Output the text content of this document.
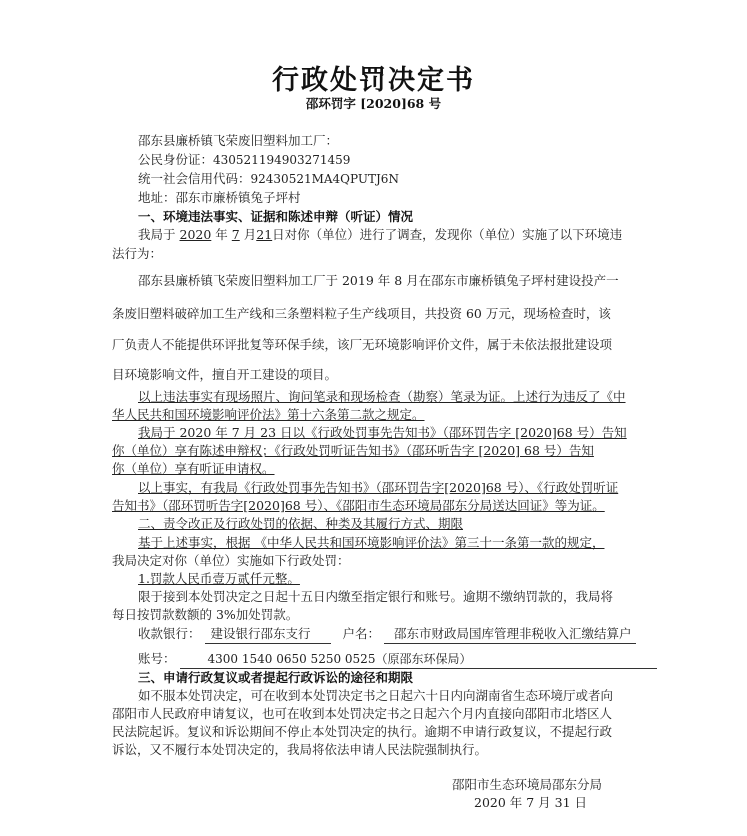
行政处罚决定书
邵环罚字 [2020]68 号
邵东县廉桥镇飞荣废旧塑料加工厂：
公民身份证：430521194903271459
统一社会信用代码：92430521MA4QPUTJ6N
地址：邵东市廉桥镇兔子坪村
一、环境违法事实、证据和陈述申辩（听证）情况
我局于 2020 年 7 月21日对你（单位）进行了调查，发现你（单位）实施了以下环境违
法行为：
邵东县廉桥镇飞荣废旧塑料加工厂于 2019 年 8 月在邵东市廉桥镇兔子坪村建设投产一
条废旧塑料破碎加工生产线和三条塑料粒子生产线项目，共投资 60 万元，现场检查时，该
厂负责人不能提供环评批复等环保手续，该厂无环境影响评价文件，属于未依法报批建设项
目环境影响文件，擅自开工建设的项目。
以上违法事实有现场照片、询问笔录和现场检查（勘察）笔录为证。上述行为违反了《中
华人民共和国环境影响评价法》第十六条第二款之规定。
我局于 2020 年 7 月 23 日以《行政处罚事先告知书》（邵环罚告字 [2020]68 号）告知
你（单位）享有陈述申辩权；《行政处罚听证告知书》（邵环听告字 [2020] 68 号）告知
你（单位）享有听证申请权。
以上事实，有我局《行政处罚事先告知书》（邵环罚告字[2020]68 号）、《行政处罚听证
告知书》（邵环罚听告字[2020]68 号）、《邵阳市生态环境局邵东分局送达回证》等为证。
二、责令改正及行政处罚的依据、种类及其履行方式、期限
基于上述事实，根据 《中华人民共和国环境影响评价法》第三十一条第一款的规定，
我局决定对你（单位）实施如下行政处罚：
1.罚款人民币壹万贰仟元整。
限于接到本处罚决定之日起十五日内缴至指定银行和账号。逾期不缴纳罚款的，我局将
每日按罚款数额的 3%加处罚款。
收款银行： 建设银行邵东支行	户名： 邵东市财政局国库管理非税收入汇缴结算户
账号：	4300 1540 0650 5250 0525（原邵东环保局）
三、申请行政复议或者提起行政诉讼的途径和期限
如不服本处罚决定，可在收到本处罚决定书之日起六十日内向湖南省生态环境厅或者向
邵阳市人民政府申请复议，也可在收到本处罚决定书之日起六个月内直接向邵阳市北塔区人
民法院起诉。复议和诉讼期间不停止本处罚决定的执行。逾期不申请行政复议，不提起行政
诉讼，又不履行本处罚决定的，我局将依法申请人民法院强制执行。
邵阳市生态环境局邵东分局
2020 年 7 月 31 日
